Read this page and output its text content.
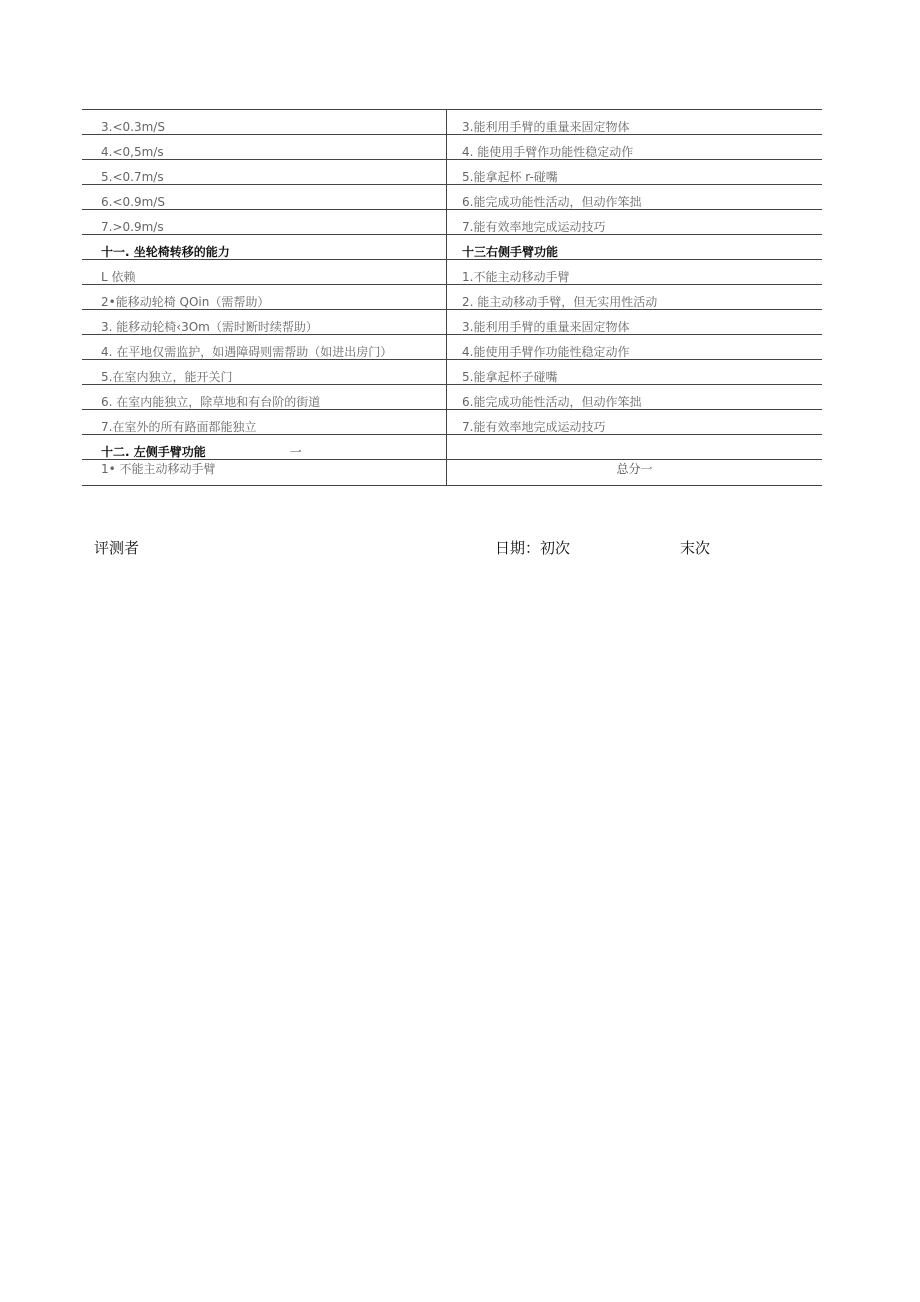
3.<0.3m/S	3.能利用手臂的重量来固定物体
4.<0,5m/s	4. 能使用手臂作功能性稳定动作
5.<0.7m/s	5.能拿起杯 r-碰嘴
6.<0.9m/S	6.能完成功能性活动，但动作笨拙
7.>0.9m/s	7.能有效率地完成运动技巧
十一. 坐轮椅转移的能力	十三右侧手臂功能
L 依赖	1.不能主动移动手臂
2•能移动轮椅 QOin（需帮助）	2. 能主动移动手臂，但无实用性活动
3. 能移动轮椅‹3Om（需时断时续帮助）	3.能利用手臂的重量来固定物体
4. 在平地仅需监护，如遇障碍则需帮助（如进出房门）	4.能使用手臂作功能性稳定动作
5.在室内独立，能开关门	5.能拿起杯子碰嘴
6. 在室内能独立，除草地和有台阶的街道	6.能完成功能性活动，但动作笨拙
7.在室外的所有路面都能独立	7.能有效率地完成运动技巧
十二. 左侧手臂功能 一	
1• 不能主动移动手臂	总分一
评测者	日期：初次	末次
